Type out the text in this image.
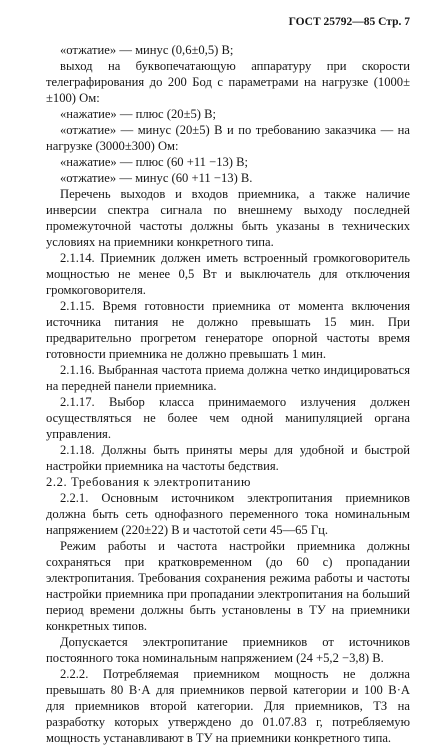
ГОСТ 25792—85 Стр. 7

«отжатие» — минус (0,6±0,5) В;

выход на буквопечатающую аппаратуру при скорости телеграфирования до 200 Бод с параметрами на нагрузке (1000±±100) Ом:

«нажатие» — плюс (20±5) В;

«отжатие» — минус (20±5) В и по требованию заказчика — на нагрузке (3000±300) Ом:

«нажатие» — плюс (60 +11 −13) В;

«отжатие» — минус (60 +11 −13) В.

Перечень выходов и входов приемника, а также наличие инверсии спектра сигнала по внешнему выходу последней промежуточной частоты должны быть указаны в технических условиях на приемники конкретного типа.

2.1.14. Приемник должен иметь встроенный громкоговоритель мощностью не менее 0,5 Вт и выключатель для отключения громкоговорителя.

2.1.15. Время готовности приемника от момента включения источника питания не должно превышать 15 мин. При предварительно прогретом генераторе опорной частоты время готовности приемника не должно превышать 1 мин.

2.1.16. Выбранная частота приема должна четко индицироваться на передней панели приемника.

2.1.17. Выбор класса принимаемого излучения должен осуществляться не более чем одной манипуляцией органа управления.

2.1.18. Должны быть приняты меры для удобной и быстрой настройки приемника на частоты бедствия.

2.2. Требования к электропитанию

2.2.1. Основным источником электропитания приемников должна быть сеть однофазного переменного тока номинальным напряжением (220±22) В и частотой сети 45—65 Гц.

Режим работы и частота настройки приемника должны сохраняться при кратковременном (до 60 с) пропадании электропитания. Требования сохранения режима работы и частоты настройки приемника при пропадании электропитания на больший период времени должны быть установлены в ТУ на приемники конкретных типов.

Допускается электропитание приемников от источников постоянного тока номинальным напряжением (24 +5,2 −3,8) В.

2.2.2. Потребляемая приемником мощность не должна превышать 80 В·А для приемников первой категории и 100 В·А для приемников второй категории. Для приемников, ТЗ на разработку которых утверждено до 01.07.83 г, потребляемую мощность устанавливают в ТУ на приемники конкретного типа.
